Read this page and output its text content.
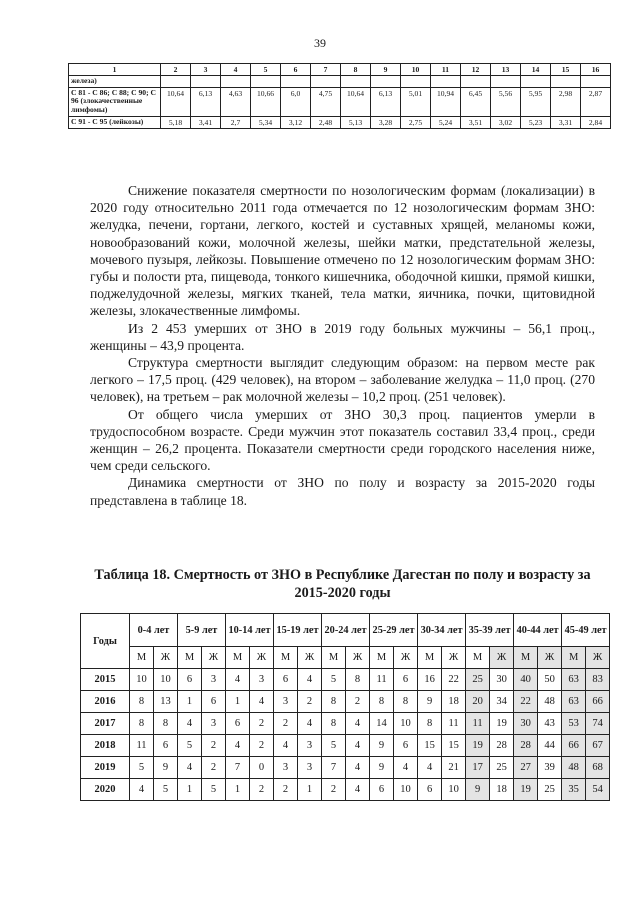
39
1	2	3	4	5	6	7	8	9	10	11	12	13	14	15	16
железа)															
C 81 - C 86; C 88; C 90; C 96 (злокачественные лимфомы)	10,64	6,13	4,63	10,66	6,0	4,75	10,64	6,13	5,01	10,94	6,45	5,56	5,95	2,98	2,87
C 91 - C 95 (лейкозы)	5,18	3,41	2,7	5,34	3,12	2,48	5,13	3,28	2,75	5,24	3,51	3,02	5,23	3,31	2,84

Снижение показателя смертности по нозологическим формам (локализации) в 2020 году относительно 2011 года отмечается по 12 нозологическим формам ЗНО: желудка, печени, гортани, легкого, костей и суставных хрящей, меланомы кожи, новообразований кожи, молочной железы, шейки матки, предстательной железы, мочевого пузыря, лейкозы. Повышение отмечено по 12 нозологическим формам ЗНО: губы и полости рта, пищевода, тонкого кишечника, ободочной кишки, прямой кишки, поджелудочной железы, мягких тканей, тела матки, яичника, почки, щитовидной железы, злокачественные лимфомы.

Из 2 453 умерших от ЗНО в 2019 году больных мужчины – 56,1 проц., женщины – 43,9 процента.

Структура смертности выглядит следующим образом: на первом месте рак легкого – 17,5 проц. (429 человек), на втором – заболевание желудка – 11,0 проц. (270 человек), на третьем – рак молочной железы – 10,2 проц. (251 человек).

От общего числа умерших от ЗНО 30,3 проц. пациентов умерли в трудоспособном возрасте. Среди мужчин этот показатель составил 33,4 проц., среди женщин – 26,2 процента. Показатели смертности среди городского населения ниже, чем среди сельского.

Динамика смертности от ЗНО по полу и возрасту за 2015-2020 годы представлена в таблице 18.

Таблица 18. Смертность от ЗНО в Республике Дагестан по полу и возрасту за 2015-2020 годы
Годы	0-4 лет		5-9 лет		10-14 лет		15-19 лет		20-24 лет		25-29 лет		30-34 лет		35-39 лет		40-44 лет		45-49 лет	
	М	Ж	М	Ж	М	Ж	М	Ж	М	Ж	М	Ж	М	Ж	М	Ж	М	Ж	М	Ж
2015	10	10	6	3	4	3	6	4	5	8	11	6	16	22	25	30	40	50	63	83
2016	8	13	1	6	1	4	3	2	8	2	8	8	9	18	20	34	22	48	63	66
2017	8	8	4	3	6	2	2	4	8	4	14	10	8	11	11	19	30	43	53	74
2018	11	6	5	2	4	2	4	3	5	4	9	6	15	15	19	28	28	44	66	67
2019	5	9	4	2	7	0	3	3	7	4	9	4	4	21	17	25	27	39	48	68
2020	4	5	1	5	1	2	2	1	2	4	6	10	6	10	9	18	19	25	35	54
